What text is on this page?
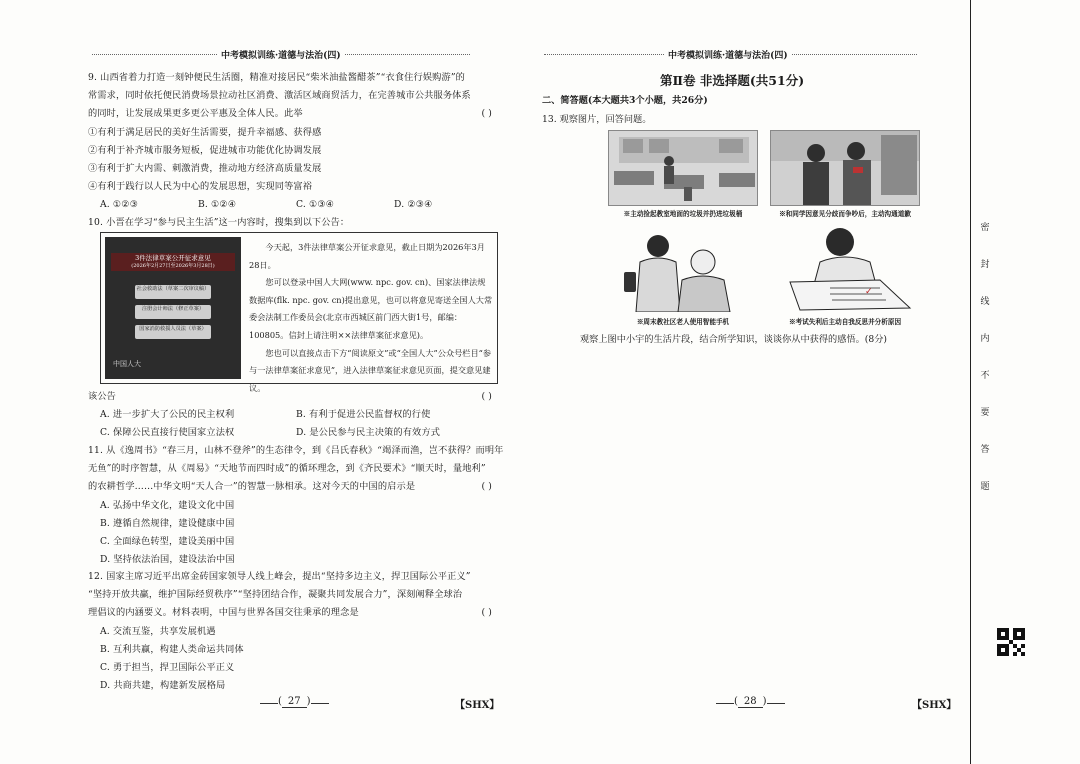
中考模拟训练·道德与法治(四)
9. 山西省着力打造一刻钟便民生活圈，精准对接居民“柴米油盐酱醋茶”“衣食住行娱购游”的
常需求，同时依托便民消费场景拉动社区消费、激活区域商贸活力，在完善城市公共服务体系
的同时，让发展成果更多更公平惠及全体人民。此举	( )
①有利于满足居民的美好生活需要，提升幸福感、获得感
②有利于补齐城市服务短板，促进城市功能优化协调发展
③有利于扩大内需、刺激消费，推动地方经济高质量发展
④有利于践行以人民为中心的发展思想，实现同等富裕
A. ①②③	B. ①②④	C. ①③④	D. ②③④
10. 小晋在学习“参与民主生活”这一内容时，搜集到以下公告：
3件法律草案公开征求意见
(2026年2月27日至2026年3月28日)
社会救助法（草案二次审议稿）
注册会计师法（修正草案）
国家消防救援人员法（草案）
中国人大

今天起，3件法律草案公开征求意见，截止日期为2026年3月28日。

您可以登录中国人大网(www. npc. gov. cn)、国家法律法规数据库(flk. npc. gov. cn)提出意见，也可以将意见寄送全国人大常委会法制工作委员会(北京市西城区前门西大街1号，邮编：100805。信封上请注明××法律草案征求意见)。

您也可以直接点击下方“阅读原文”或“全国人大”公众号栏目“参与一法律草案征求意见”，进入法律草案征求意见页面，提交意见建议。

该公告	( )
A. 进一步扩大了公民的民主权利	B. 有利于促进公民监督权的行使
C. 保障公民直接行使国家立法权	D. 是公民参与民主决策的有效方式
11. 从《逸周书》“春三月，山林不登斧”的生态律令，到《吕氏春秋》“竭泽而渔，岂不获得？而明年
无鱼”的时序智慧，从《周易》“天地节而四时成”的循环理念，到《齐民要术》“顺天时，量地利”
的农耕哲学……中华文明“天人合一”的智慧一脉相承。这对今天的中国的启示是	( )
A. 弘扬中华文化，建设文化中国
B. 遵循自然规律，建设健康中国
C. 全面绿色转型，建设美丽中国
D. 坚持依法治国，建设法治中国
12. 国家主席习近平出席金砖国家领导人线上峰会，提出“坚持多边主义，捍卫国际公平正义”
“坚持开放共赢，维护国际经贸秩序”“坚持团结合作，凝聚共同发展合力”，深刻阐释全球治
理倡议的内涵要义。材料表明，中国与世界各国交往秉承的理念是	( )
A. 交流互鉴，共享发展机遇
B. 互利共赢，构建人类命运共同体
C. 勇于担当，捍卫国际公平正义
D. 共商共建，构建新发展格局
( 27 )	【SHX】
中考模拟训练·道德与法治(四)
第Ⅱ卷 非选择题(共51分)
二、简答题(本大题共3个小题，共26分)
13. 观察图片，回答问题。
※主动捡起教室地面的垃圾并扔进垃圾桶	※和同学因意见分歧而争吵后，主动沟通道歉
※周末教社区老人使用智能手机
✓
※考试失利后主动自我反思并分析原因
观察上图中小宇的生活片段，结合所学知识，谈谈你从中获得的感悟。(8分)
( 28 )	【SHX】
密
封
线
内
不
要
答
题
